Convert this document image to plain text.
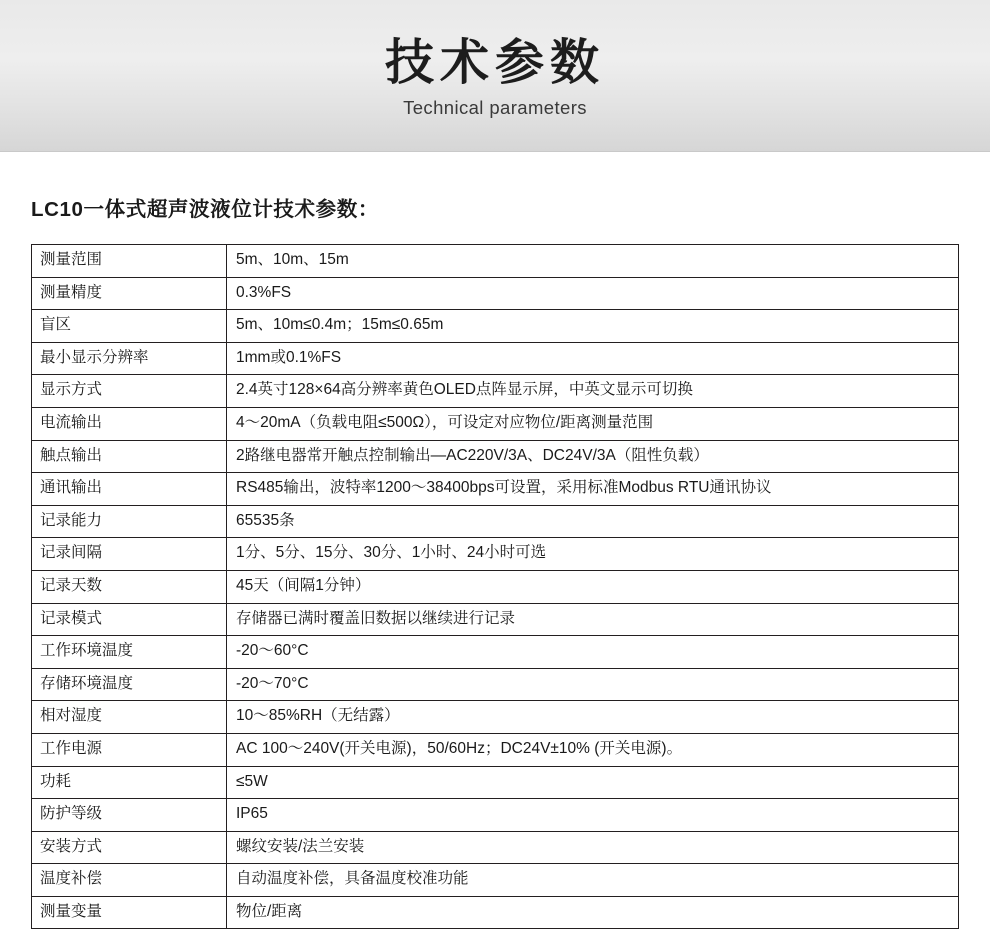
技术参数
Technical parameters
LC10一体式超声波液位计技术参数：
测量范围	5m、10m、15m
测量精度	0.3%FS
盲区	5m、10m≤0.4m；15m≤0.65m
最小显示分辨率	1mm或0.1%FS
显示方式	2.4英寸128×64高分辨率黄色OLED点阵显示屏，中英文显示可切换
电流输出	4～20mA（负载电阻≤500Ω），可设定对应物位/距离测量范围
触点输出	2路继电器常开触点控制输出—AC220V/3A、DC24V/3A（阻性负载）
通讯输出	RS485输出，波特率1200～38400bps可设置，采用标准Modbus RTU通讯协议
记录能力	65535条
记录间隔	1分、5分、15分、30分、1小时、24小时可选
记录天数	45天（间隔1分钟）
记录模式	存储器已满时覆盖旧数据以继续进行记录
工作环境温度	-20～60°C
存储环境温度	-20～70°C
相对湿度	10～85%RH（无结露）
工作电源	AC 100～240V(开关电源)，50/60Hz；DC24V±10% (开关电源)。
功耗	≤5W
防护等级	IP65
安装方式	螺纹安装/法兰安装
温度补偿	自动温度补偿，具备温度校准功能
测量变量	物位/距离
